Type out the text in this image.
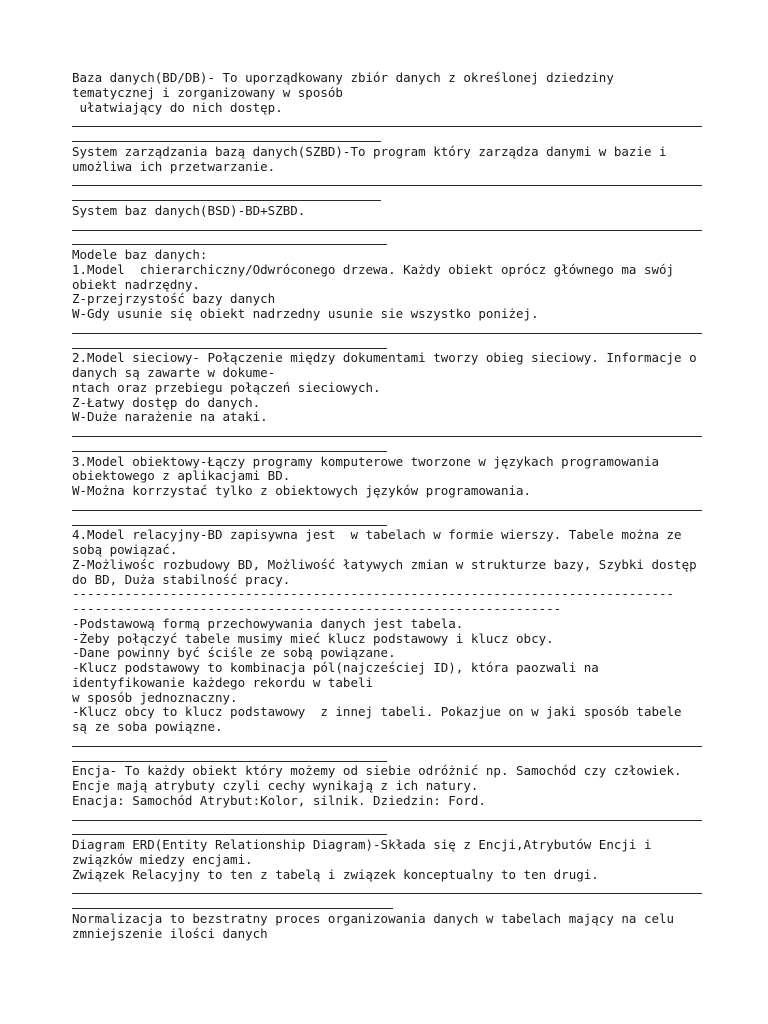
Baza danych(BD/DB)- To uporządkowany zbiór danych z określonej dziedziny
tematycznej i zorganizowany w sposób
ułatwiający do nich dostęp.
System zarządzania bazą danych(SZBD)-To program który zarządza danymi w bazie i
umożliwa ich przetwarzanie.
System baz danych(BSD)-BD+SZBD.
Modele baz danych:
1.Model  chierarchiczny/Odwróconego drzewa. Każdy obiekt oprócz głównego ma swój
obiekt nadrzędny.
Z-przejrzystość bazy danych
W-Gdy usunie się obiekt nadrzedny usunie sie wszystko poniżej.
2.Model sieciowy- Połączenie między dokumentami tworzy obieg sieciowy. Informacje o
danych są zawarte w dokume-
ntach oraz przebiegu połączeń sieciowych.
Z-Łatwy dostęp do danych.
W-Duże narażenie na ataki.
3.Model obiektowy-Łączy programy komputerowe tworzone w językach programowania
obiektowego z aplikacjami BD.
W-Można korrzystać tylko z obiektowych języków programowania.
4.Model relacyjny-BD zapisywna jest  w tabelach w formie wierszy. Tabele można ze
sobą powiązać.
Z-Możliwośc rozbudowy BD, Możliwość łatywych zmian w strukturze bazy, Szybki dostęp
do BD, Duża stabilność pracy.
--------------------------------------------------------------------------------
-----------------------------------------------------------------
-Podstawową formą przechowywania danych jest tabela.
-Żeby połączyć tabele musimy mieć klucz podstawowy i klucz obcy.
-Dane powinny być ściśle ze sobą powiązane.
-Klucz podstawowy to kombinacja pól(najcześciej ID), która paozwali na
identyfikowanie każdego rekordu w tabeli
w sposób jednoznaczny.
-Klucz obcy to klucz podstawowy  z innej tabeli. Pokazjue on w jaki sposób tabele
są ze soba powiązne.
Encja- To każdy obiekt który możemy od siebie odróżnić np. Samochód czy człowiek.
Encje mają atrybuty czyli cechy wynikają z ich natury.
Enacja: Samochód Atrybut:Kolor, silnik. Dziedzin: Ford.
Diagram ERD(Entity Relationship Diagram)-Składa się z Encji,Atrybutów Encji i
związków miedzy encjami.
Związek Relacyjny to ten z tabelą i związek konceptualny to ten drugi.
Normalizacja to bezstratny proces organizowania danych w tabelach mający na celu
zmniejszenie ilości danych
